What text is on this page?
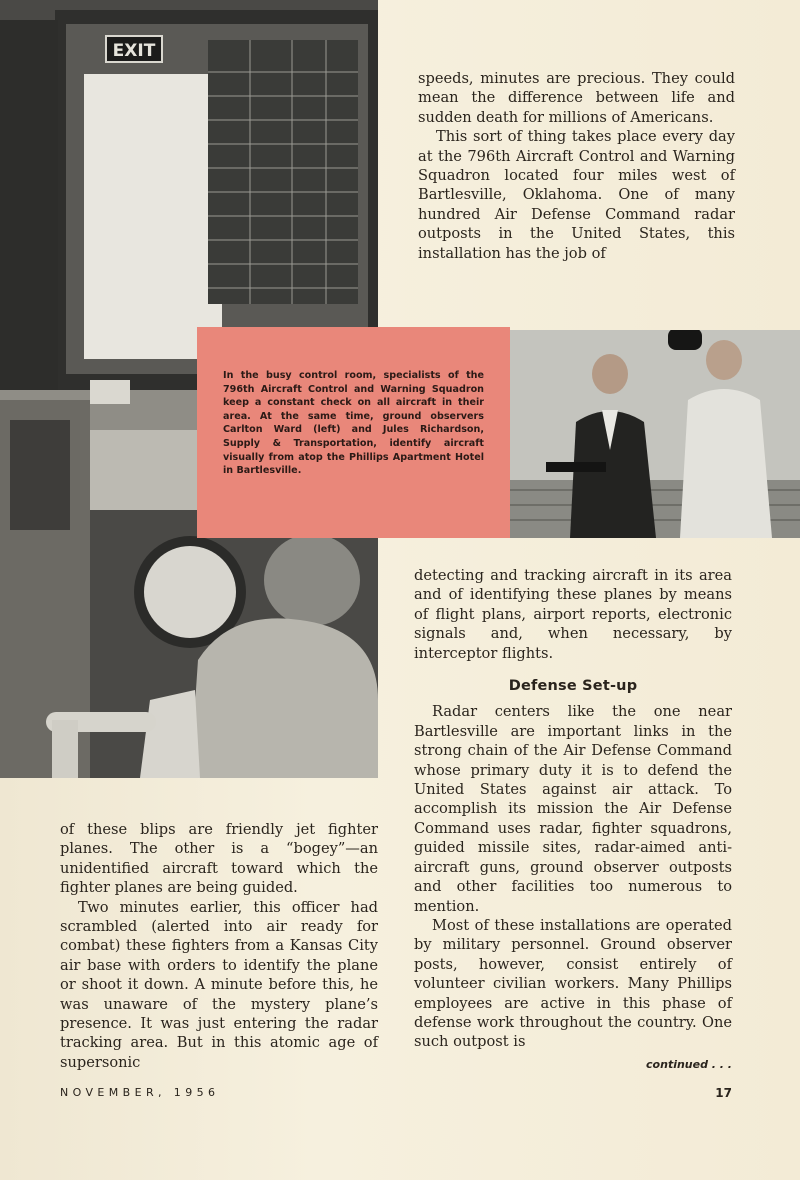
EXIT
In the busy control room, specialists of the 796th Aircraft Control and Warning Squadron keep a constant check on all aircraft in their area. At the same time, ground observers Carlton Ward (left) and Jules Richardson, Supply & Transportation, identify aircraft visually from atop the Phillips Apartment Hotel in Bartlesville.

speeds, minutes are precious. They could mean the difference between life and sudden death for millions of Americans.

This sort of thing takes place every day at the 796th Aircraft Control and Warning Squadron located four miles west of Bartlesville, Oklahoma. One of many hundred Air Defense Command radar outposts in the United States, this installation has the job of

detecting and tracking aircraft in its area and of identifying these planes by means of flight plans, airport reports, electronic signals and, when necessary, by interceptor flights.

Defense Set-up

Radar centers like the one near Bartlesville are important links in the strong chain of the Air Defense Command whose primary duty it is to defend the United States against air attack. To accomplish its mission the Air Defense Command uses radar, fighter squadrons, guided missile sites, radar-aimed anti-aircraft guns, ground observer outposts and other facilities too numerous to mention.

Most of these installations are operated by military personnel. Ground observer posts, however, consist entirely of volunteer civilian workers. Many Phillips employees are active in this phase of defense work throughout the country. One such outpost is

of these blips are friendly jet fighter planes. The other is a “bogey”—an unidentified aircraft toward which the fighter planes are being guided.

Two minutes earlier, this officer had scrambled (alerted into air ready for combat) these fighters from a Kansas City air base with orders to identify the plane or shoot it down. A minute before this, he was unaware of the mystery plane’s presence. It was just entering the radar tracking area. But in this atomic age of supersonic	continued . . .
NOVEMBER, 1956	17
